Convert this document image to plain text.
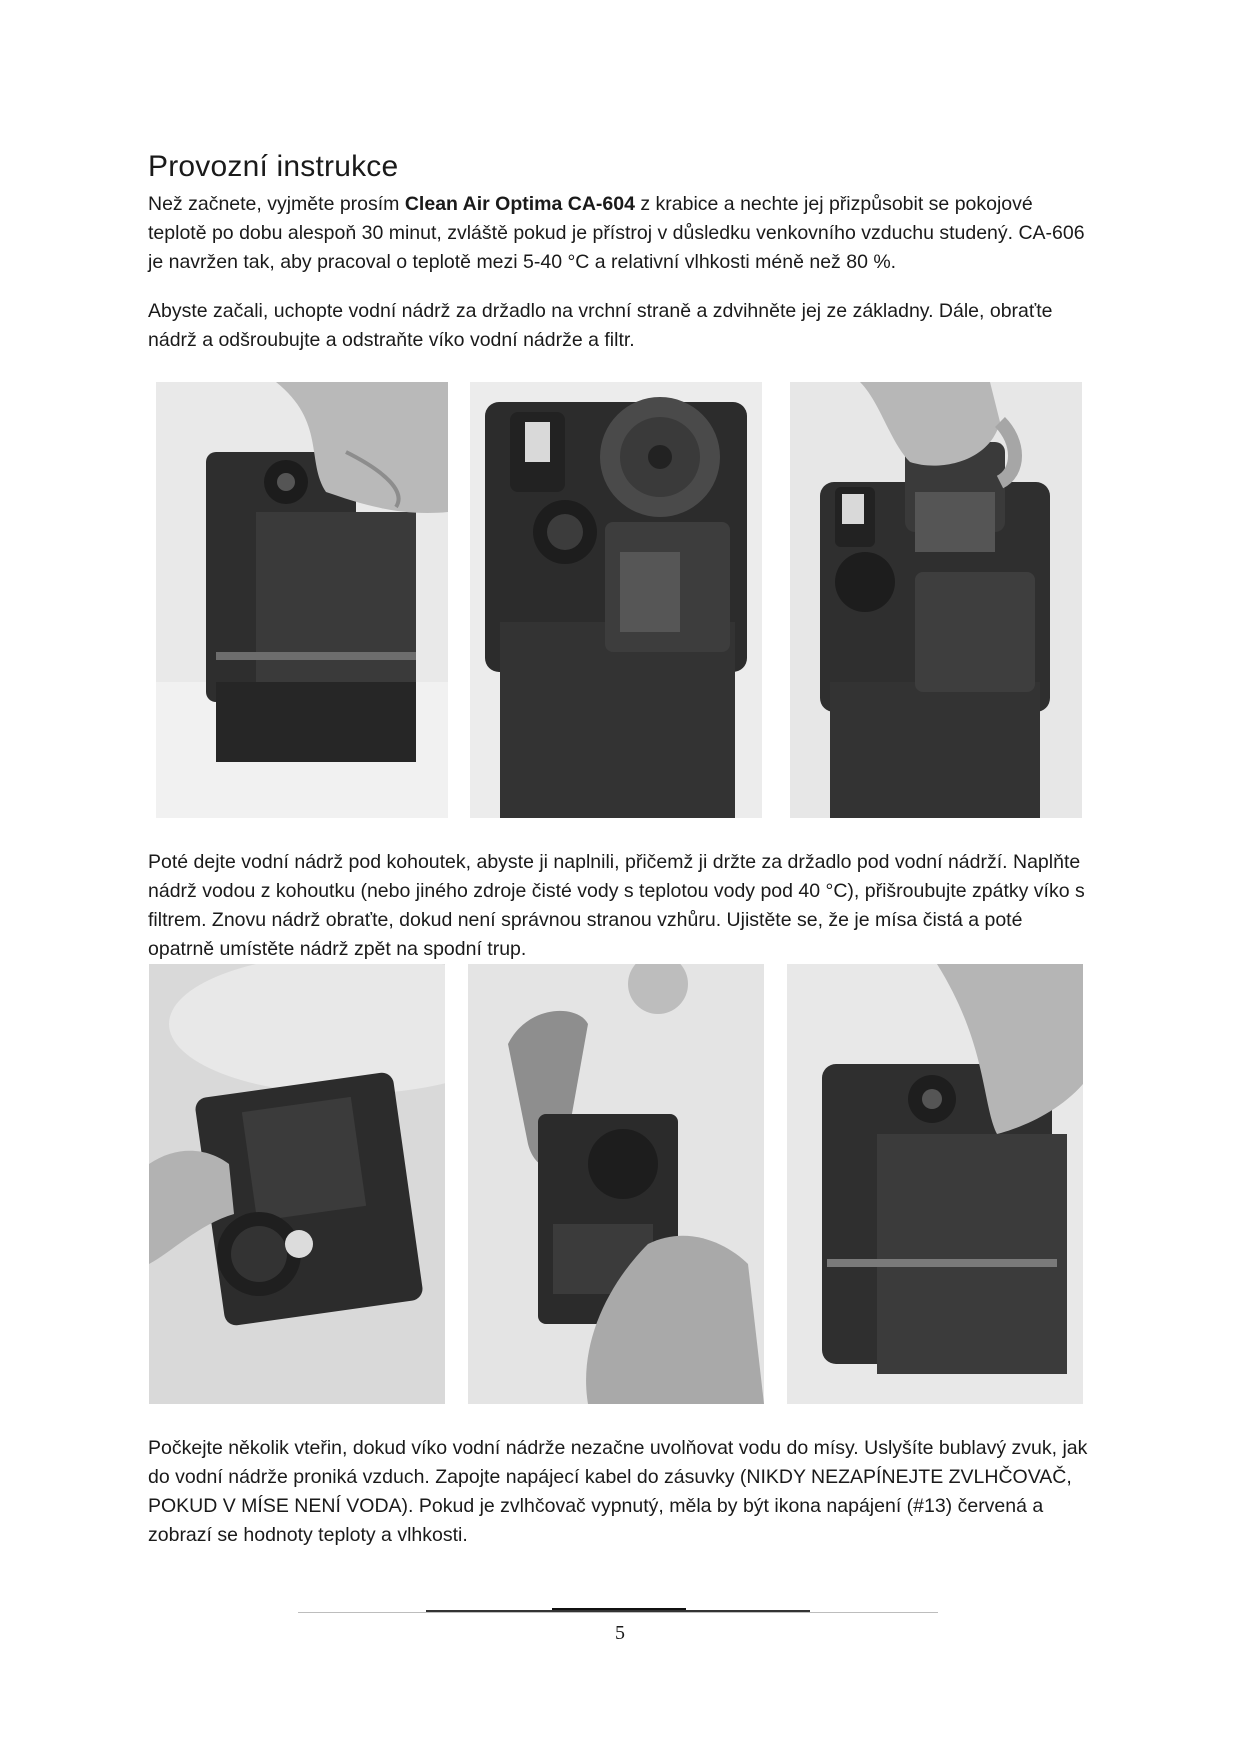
Provozní instrukce

Než začnete, vyjměte prosím Clean Air Optima CA-604 z krabice a nechte jej přizpůsobit se pokojové teplotě po dobu alespoň 30 minut, zvláště pokud je přístroj v důsledku venkovního vzduchu studený. CA-606 je navržen tak, aby pracoval o teplotě mezi 5-40 °C a relativní vlhkosti méně než 80 %.

Abyste začali, uchopte vodní nádrž za držadlo na vrchní straně a zdvihněte jej ze základny. Dále, obraťte nádrž a odšroubujte a odstraňte víko vodní nádrže a filtr.

Poté dejte vodní nádrž pod kohoutek, abyste ji naplnili, přičemž ji držte za držadlo pod vodní nádrží. Naplňte nádrž vodou z kohoutku (nebo jiného zdroje čisté vody s teplotou vody pod 40 °C), přišroubujte zpátky víko s filtrem. Znovu nádrž obraťte, dokud není správnou stranou vzhůru. Ujistěte se, že je mísa čistá a poté opatrně umístěte nádrž zpět na spodní trup.

Počkejte několik vteřin, dokud víko vodní nádrže nezačne uvolňovat vodu do mísy. Uslyšíte bublavý zvuk, jak do vodní nádrže proniká vzduch. Zapojte napájecí kabel do zásuvky (NIKDY NEZAPÍNEJTE ZVLHČOVAČ, POKUD V MÍSE NENÍ VODA). Pokud je zvlhčovač vypnutý, měla by být ikona napájení (#13) červená a zobrazí se hodnoty teploty a vlhkosti.

5
